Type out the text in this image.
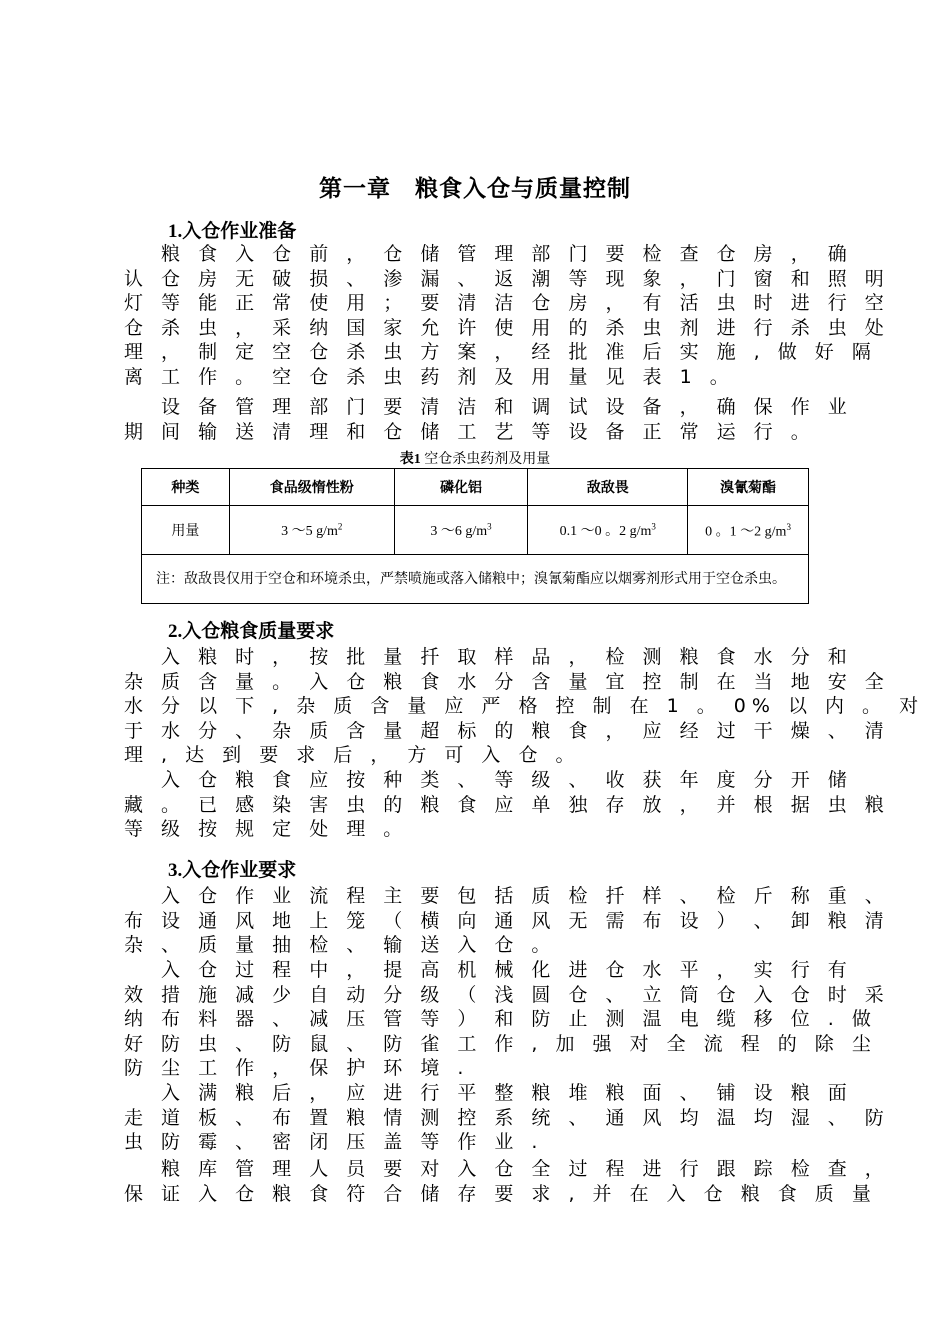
第一章　粮食入仓与质量控制
1.入仓作业准备
　 粮 食 入 仓 前 ， 仓 储 管 理 部 门 要 检 查 仓 房 ， 确
认 仓 房 无 破 损 、 渗 漏 、 返 潮 等 现 象 ， 门 窗 和 照 明
灯 等 能 正 常 使 用 ； 要 清 洁 仓 房 ， 有 活 虫 时 进 行 空
仓 杀 虫 ， 采 纳 国 家 允 许 使 用 的 杀 虫 剂 进 行 杀 虫 处
理 ， 制 定 空 仓 杀 虫 方 案 ， 经 批 准 后 实 施 , 做 好 隔
离 工 作 。 空 仓 杀 虫 药 剂 及 用 量 见 表 1 。
　 设 备 管 理 部 门 要 清 洁 和 调 试 设 备 ， 确 保 作 业
期 间 输 送 清 理 和 仓 储 工 艺 等 设 备 正 常 运 行 。
表1 空仓杀虫药剂及用量
种类	食品级惰性粉	磷化铝	敌敌畏	溴氰菊酯
用量	3 ～5 $g/m^2$	3 ～6 $g/m^3$	0.1 ～0 。2 $g/m^3$	0 。1 ～2 $g/m^3$
注：敌敌畏仅用于空仓和环境杀虫，严禁喷施或落入储粮中；溴氰菊酯应以烟雾剂形式用于空仓杀虫。				
2.入仓粮食质量要求
　 入 粮 时 ， 按 批 量 扦 取 样 品 ， 检 测 粮 食 水 分 和
杂 质 含 量 。 入 仓 粮 食 水 分 含 量 宜 控 制 在 当 地 安 全
水 分 以 下 , 杂 质 含 量 应 严 格 控 制 在 1 。 0% 以 内 。 对
于 水 分 、 杂 质 含 量 超 标 的 粮 食 ， 应 经 过 干 燥 、 清
理 , 达 到 要 求 后 ， 方 可 入 仓 。
　 入 仓 粮 食 应 按 种 类 、 等 级 、 收 获 年 度 分 开 储
藏 。 已 感 染 害 虫 的 粮 食 应 单 独 存 放 ， 并 根 据 虫 粮
等 级 按 规 定 处 理 。
3.入仓作业要求
　 入 仓 作 业 流 程 主 要 包 括 质 检 扦 样 、 检 斤 称 重 、
布 设 通 风 地 上 笼 （ 横 向 通 风 无 需 布 设 ） 、 卸 粮 清
杂 、 质 量 抽 检 、 输 送 入 仓 。
　 入 仓 过 程 中 ， 提 高 机 械 化 进 仓 水 平 ， 实 行 有
效 措 施 减 少 自 动 分 级 （ 浅 圆 仓 、 立 筒 仓 入 仓 时 采
纳 布 料 器 、 减 压 管 等 ） 和 防 止 测 温 电 缆 移 位 . 做
好 防 虫 、 防 鼠 、 防 雀 工 作 , 加 强 对 全 流 程 的 除 尘
防 尘 工 作 ， 保 护 环 境 .
　 入 满 粮 后 ， 应 进 行 平 整 粮 堆 粮 面 、 铺 设 粮 面
走 道 板 、 布 置 粮 情 测 控 系 统 、 通 风 均 温 均 湿 、 防
虫 防 霉 、 密 闭 压 盖 等 作 业 .
　 粮 库 管 理 人 员 要 对 入 仓 全 过 程 进 行 跟 踪 检 查 ，
保 证 入 仓 粮 食 符 合 储 存 要 求 , 并 在 入 仓 粮 食 质 量
